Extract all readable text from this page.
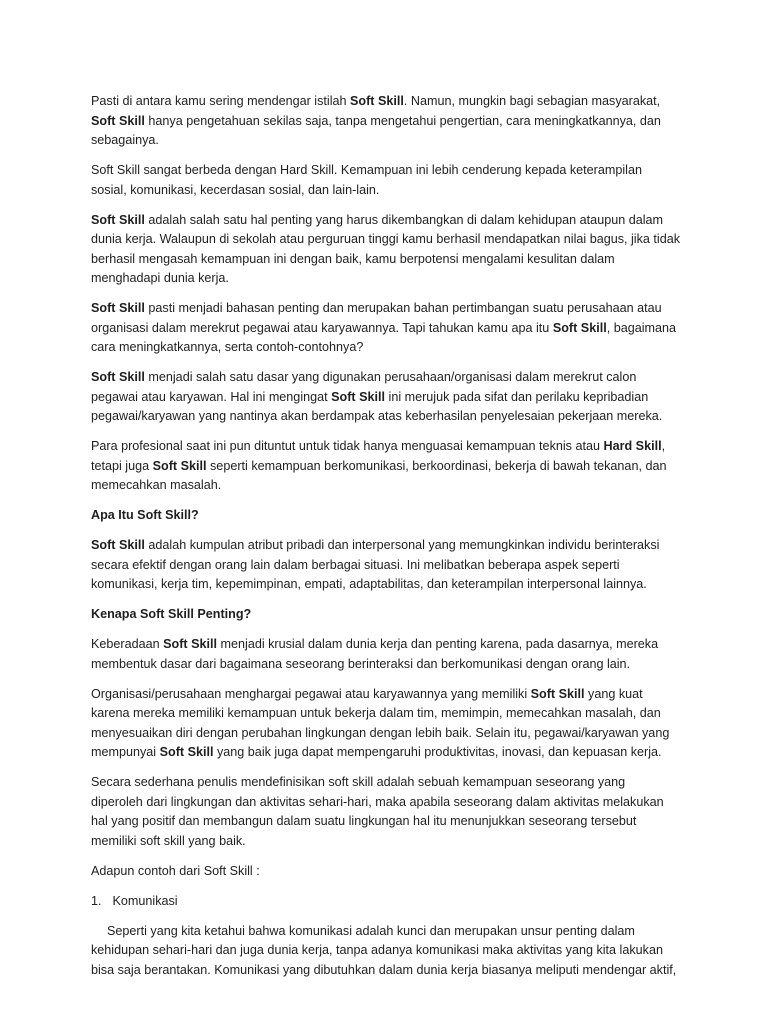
Pasti di antara kamu sering mendengar istilah Soft Skill. Namun, mungkin bagi sebagian masyarakat, Soft Skill hanya pengetahuan sekilas saja, tanpa mengetahui pengertian, cara meningkatkannya, dan sebagainya.

Soft Skill sangat berbeda dengan Hard Skill. Kemampuan ini lebih cenderung kepada keterampilan sosial, komunikasi, kecerdasan sosial, dan lain-lain.

Soft Skill adalah salah satu hal penting yang harus dikembangkan di dalam kehidupan ataupun dalam dunia kerja. Walaupun di sekolah atau perguruan tinggi kamu berhasil mendapatkan nilai bagus, jika tidak berhasil mengasah kemampuan ini dengan baik, kamu berpotensi mengalami kesulitan dalam menghadapi dunia kerja.

Soft Skill pasti menjadi bahasan penting dan merupakan bahan pertimbangan suatu perusahaan atau organisasi dalam merekrut pegawai atau karyawannya. Tapi tahukan kamu apa itu Soft Skill, bagaimana cara meningkatkannya, serta contoh-contohnya?

Soft Skill menjadi salah satu dasar yang digunakan perusahaan/organisasi dalam merekrut calon pegawai atau karyawan. Hal ini mengingat Soft Skill ini merujuk pada sifat dan perilaku kepribadian pegawai/karyawan yang nantinya akan berdampak atas keberhasilan penyelesaian pekerjaan mereka.

Para profesional saat ini pun dituntut untuk tidak hanya menguasai kemampuan teknis atau Hard Skill, tetapi juga Soft Skill seperti kemampuan berkomunikasi, berkoordinasi, bekerja di bawah tekanan, dan memecahkan masalah.

Apa Itu Soft Skill?

Soft Skill adalah kumpulan atribut pribadi dan interpersonal yang memungkinkan individu berinteraksi secara efektif dengan orang lain dalam berbagai situasi. Ini melibatkan beberapa aspek seperti komunikasi, kerja tim, kepemimpinan, empati, adaptabilitas, dan keterampilan interpersonal lainnya.

Kenapa Soft Skill Penting?

Keberadaan Soft Skill menjadi krusial dalam dunia kerja dan penting karena, pada dasarnya, mereka membentuk dasar dari bagaimana seseorang berinteraksi dan berkomunikasi dengan orang lain.

Organisasi/perusahaan menghargai pegawai atau karyawannya yang memiliki Soft Skill yang kuat karena mereka memiliki kemampuan untuk bekerja dalam tim, memimpin, memecahkan masalah, dan menyesuaikan diri dengan perubahan lingkungan dengan lebih baik. Selain itu, pegawai/karyawan yang mempunyai Soft Skill yang baik juga dapat mempengaruhi produktivitas, inovasi, dan kepuasan kerja.

Secara sederhana penulis mendefinisikan soft skill adalah sebuah kemampuan seseorang yang diperoleh dari lingkungan dan aktivitas sehari-hari, maka apabila seseorang dalam aktivitas melakukan hal yang positif dan membangun dalam suatu lingkungan hal itu menunjukkan seseorang tersebut memiliki soft skill yang baik.

Adapun contoh dari Soft Skill :

1. Komunikasi

Seperti yang kita ketahui bahwa komunikasi adalah kunci dan merupakan unsur penting dalam kehidupan sehari-hari dan juga dunia kerja, tanpa adanya komunikasi maka aktivitas yang kita lakukan bisa saja berantakan. Komunikasi yang dibutuhkan dalam dunia kerja biasanya meliputi mendengar aktif,
